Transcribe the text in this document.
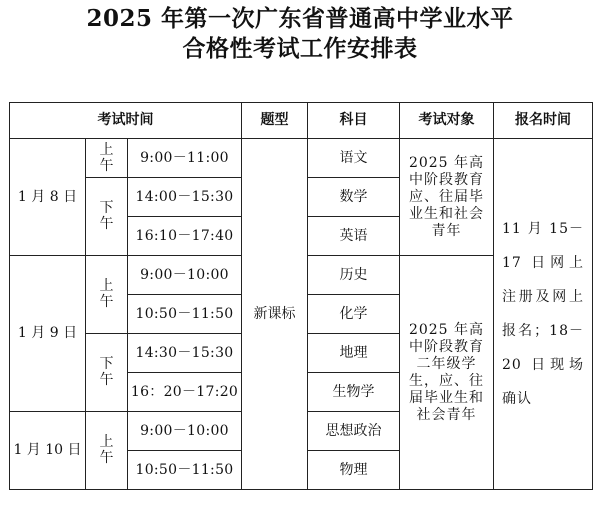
2025 年第一次广东省普通高中学业水平
合格性考试工作安排表
考试时间			题型	科目	考试对象	报名时间
1 月 8 日	上午	9:00－11:00	新课标	语文	2025 年高中阶段教育应、往届毕业生和社会青年	11 月 15－17 日网上注册及网上报名；18－20 日现场确认
	下午	14:00－15:30		数学		
		16:10－17:40		英语		
1 月 9 日	上午	9:00－10:00		历史	2025 年高中阶段教育二年级学生，应、往届毕业生和社会青年	
		10:50－11:50		化学		
	下午	14:30－15:30		地理		
		16：20－17:20		生物学		
1 月 10 日	上午	9:00－10:00		思想政治		
		10:50－11:50		物理		
